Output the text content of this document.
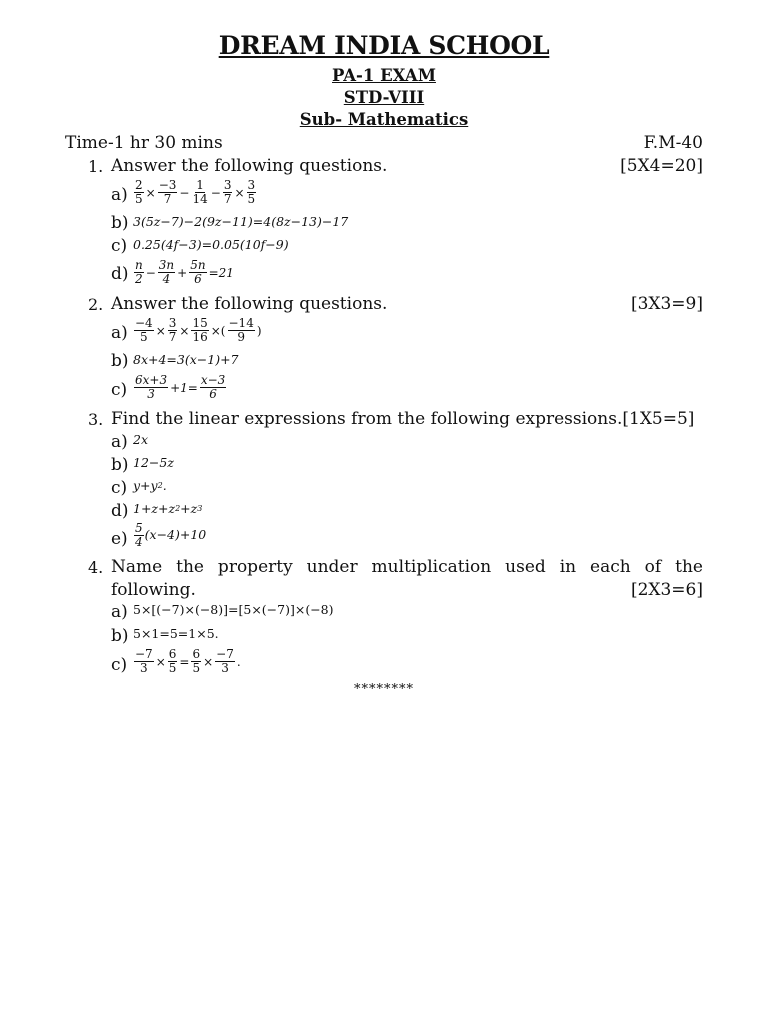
DREAM INDIA SCHOOL
PA-1 EXAM
STD-VIII
Sub- Mathematics
Time-1 hr 30 mins	F.M-40
1. Answer the following questions.	[5X4=20]
$a) \frac{2}{5} \times \frac{-3}{7} - \frac{1}{14} - \frac{3}{7} \times \frac{3}{5}$
b) 3(5z−7)−2(9z−11)=4(8z−13)−17
c) 0.25(4f−3)=0.05(10f−9)
$d) \frac{n}{2} - \frac{3n}{4} + \frac{5n}{6} =21$
2. Answer the following questions.	[3X3=9]
$a) \frac{-4}{5} \times \frac{3}{7} \times \frac{15}{16}$ ×( $\frac{-14}{9}$ )
b) 8x+4=3(x−1)+7
$c) \frac{6x+3}{3} +1= \frac{x-3}{6}$
3. Find the linear expressions from the following expressions.[1X5=5]
a) 2x
b) 12−5z
c) y+y 2 .
d) 1+z+z 2 +z 3
$e) \frac{5}{4} (x-4)+10$
4. Name the property under multiplication used in each of the
following.	[2X3=6]
a) 5×[(−7)×(−8)]=[5×(−7)]×(−8)
b) 5×1=5=1×5.
$c) \frac{-7}{3} \times \frac{6}{5} = \frac{6}{5} \times \frac{-7}{3}$ .
********
